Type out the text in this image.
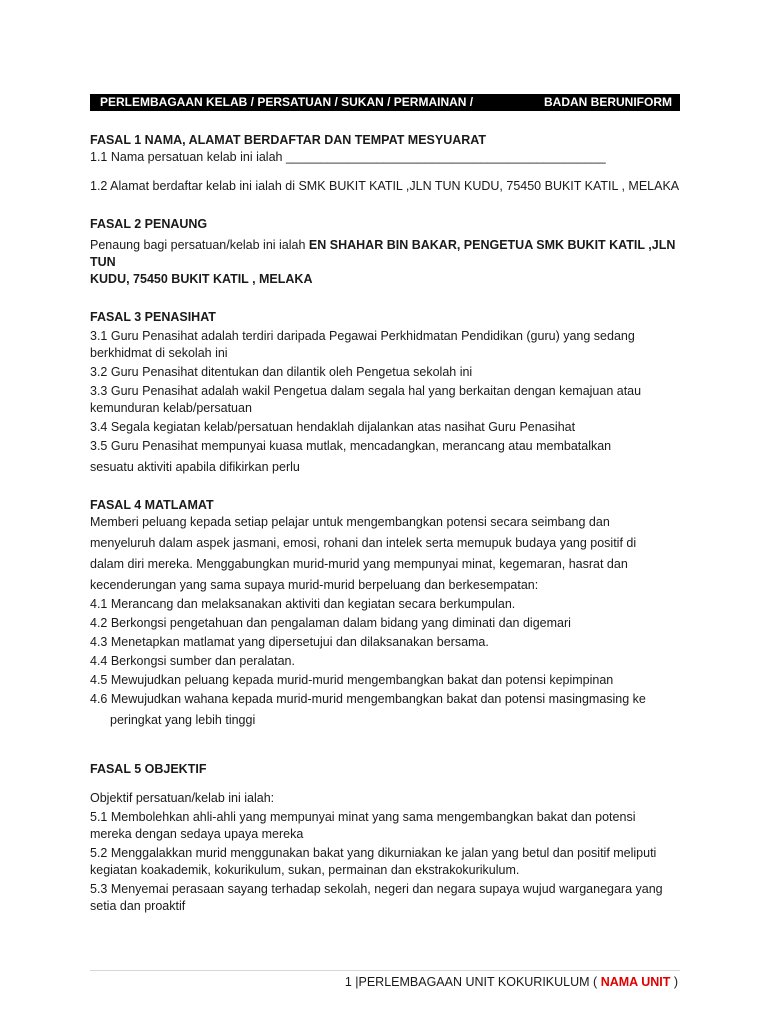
PERLEMBAGAAN KELAB / PERSATUAN / SUKAN / PERMAINAN /	BADAN BERUNIFORM
FASAL 1 NAMA, ALAMAT BERDAFTAR DAN TEMPAT MESYUARAT
1.1 Nama persatuan kelab ini ialah ______________________________________________
1.2 Alamat berdaftar kelab ini ialah di SMK BUKIT KATIL ,JLN TUN KUDU, 75450 BUKIT KATIL , MELAKA
FASAL 2 PENAUNG
Penaung bagi persatuan/kelab ini ialah EN SHAHAR BIN BAKAR, PENGETUA SMK BUKIT KATIL ,JLN TUN
KUDU, 75450 BUKIT KATIL , MELAKA
FASAL 3 PENASIHAT
3.1 Guru Penasihat adalah terdiri daripada Pegawai Perkhidmatan Pendidikan (guru) yang sedang
berkhidmat di sekolah ini
3.2 Guru Penasihat ditentukan dan dilantik oleh Pengetua sekolah ini
3.3 Guru Penasihat adalah wakil Pengetua dalam segala hal yang berkaitan dengan kemajuan atau
kemunduran kelab/persatuan
3.4 Segala kegiatan kelab/persatuan hendaklah dijalankan atas nasihat Guru Penasihat
3.5 Guru Penasihat mempunyai kuasa mutlak, mencadangkan, merancang atau membatalkan
sesuatu aktiviti apabila difikirkan perlu
FASAL 4 MATLAMAT
Memberi peluang kepada setiap pelajar untuk mengembangkan potensi secara seimbang dan
menyeluruh dalam aspek jasmani, emosi, rohani dan intelek serta memupuk budaya yang positif di
dalam diri mereka. Menggabungkan murid-murid yang mempunyai minat, kegemaran, hasrat dan
kecenderungan yang sama supaya murid-murid berpeluang dan berkesempatan:
4.1 Merancang dan melaksanakan aktiviti dan kegiatan secara berkumpulan.
4.2 Berkongsi pengetahuan dan pengalaman dalam bidang yang diminati dan digemari
4.3 Menetapkan matlamat yang dipersetujui dan dilaksanakan bersama.
4.4 Berkongsi sumber dan peralatan.
4.5 Mewujudkan peluang kepada murid-murid mengembangkan bakat dan potensi kepimpinan
4.6 Mewujudkan wahana kepada murid-murid mengembangkan bakat dan potensi masingmasing ke
peringkat yang lebih tinggi
FASAL 5 OBJEKTIF
Objektif persatuan/kelab ini ialah:
5.1 Membolehkan ahli-ahli yang mempunyai minat yang sama mengembangkan bakat dan potensi
mereka dengan sedaya upaya mereka
5.2 Menggalakkan murid menggunakan bakat yang dikurniakan ke jalan yang betul dan positif meliputi
kegiatan koakademik, kokurikulum, sukan, permainan dan ekstrakokurikulum.
5.3 Menyemai perasaan sayang terhadap sekolah, negeri dan negara supaya wujud warganegara yang
setia dan proaktif
1 |PERLEMBAGAAN UNIT KOKURIKULUM ( NAMA UNIT )
